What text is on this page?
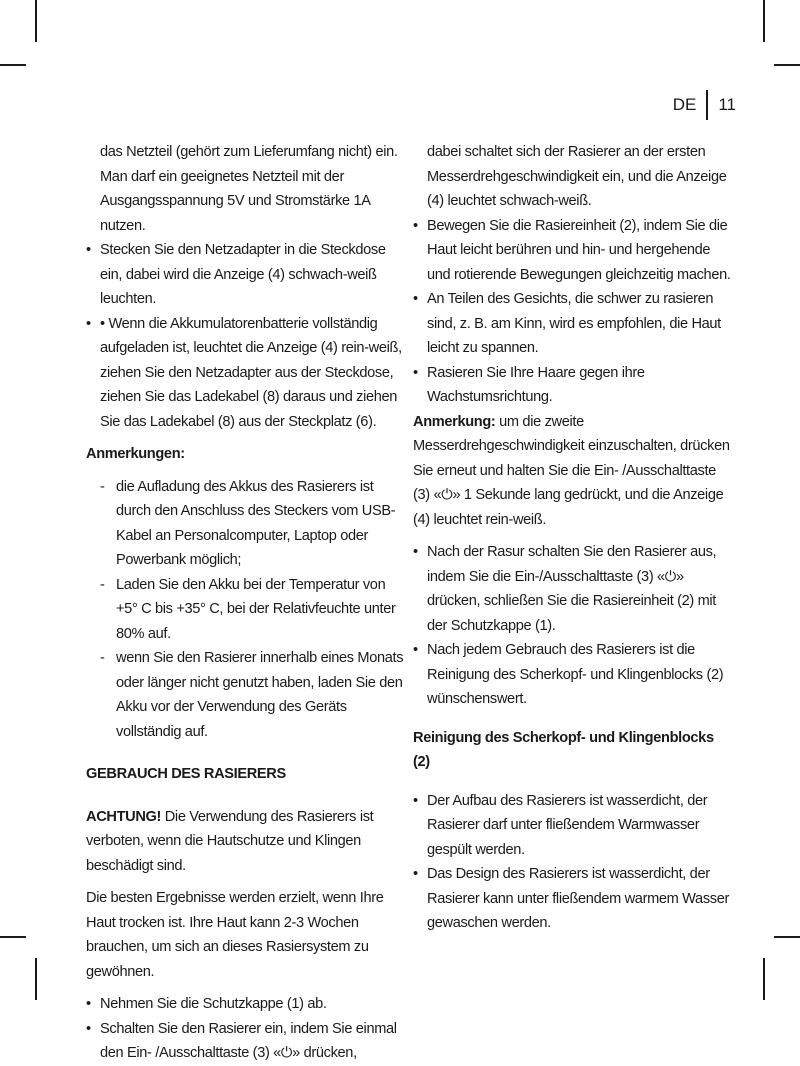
DE	11

das Netzteil (gehört zum Lieferumfang nicht) ein. Man darf ein geeignetes Netzteil mit der Ausgangsspannung 5V und Stromstärke 1A nutzen.

• Stecken Sie den Netzadapter in die Steckdose ein, dabei wird die Anzeige (4) schwach-weiß leuchten.
• • Wenn die Akkumulatorenbatterie vollständig aufgeladen ist, leuchtet die Anzeige (4) rein-weiß, ziehen Sie den Netzadapter aus der Steckdose, ziehen Sie das Ladekabel (8) daraus und ziehen Sie das Ladekabel (8) aus der Steckplatz (6).

Anmerkungen:

- die Aufladung des Akkus des Rasierers ist durch den Anschluss des Steckers vom USB-Kabel an Personalcomputer, Laptop oder Powerbank möglich;
- Laden Sie den Akku bei der Temperatur von +5° C bis +35° C, bei der Relativfeuchte unter 80% auf.
- wenn Sie den Rasierer innerhalb eines Monats oder länger nicht genutzt haben, laden Sie den Akku vor der Verwendung des Geräts vollständig auf.

GEBRAUCH DES RASIERERS

ACHTUNG! Die Verwendung des Rasierers ist verboten, wenn die Hautschutze und Klingen beschädigt sind.

Die besten Ergebnisse werden erzielt, wenn Ihre Haut trocken ist. Ihre Haut kann 2-3 Wochen brauchen, um sich an dieses Rasiersystem zu gewöhnen.

• Nehmen Sie die Schutzkappe (1) ab.
• Schalten Sie den Rasierer ein, indem Sie einmal den Ein- /Ausschalttaste (3) «⏻» drücken,

dabei schaltet sich der Rasierer an der ersten Messerdrehgeschwindigkeit ein, und die Anzeige (4) leuchtet schwach-weiß.

• Bewegen Sie die Rasiereinheit (2), indem Sie die Haut leicht berühren und hin- und hergehende und rotierende Bewegungen gleichzeitig machen.
• An Teilen des Gesichts, die schwer zu rasieren sind, z. B. am Kinn, wird es empfohlen, die Haut leicht zu spannen.
• Rasieren Sie Ihre Haare gegen ihre Wachstumsrichtung.

Anmerkung: um die zweite Messerdrehgeschwindigkeit einzuschalten, drücken Sie erneut und halten Sie die Ein- /Ausschalttaste (3) «⏻» 1 Sekunde lang gedrückt, und die Anzeige (4) leuchtet rein-weiß.

• Nach der Rasur schalten Sie den Rasierer aus, indem Sie die Ein-/Ausschalttaste (3) «⏻» drücken, schließen Sie die Rasiereinheit (2) mit der Schutzkappe (1).
• Nach jedem Gebrauch des Rasierers ist die Reinigung des Scherkopf- und Klingenblocks (2) wünschenswert.

Reinigung des Scherkopf- und Klingenblocks (2)

• Der Aufbau des Rasierers ist wasserdicht, der Rasierer darf unter fließendem Warmwasser gespült werden.
• Das Design des Rasierers ist wasserdicht, der Rasierer kann unter fließendem warmem Wasser gewaschen werden.
